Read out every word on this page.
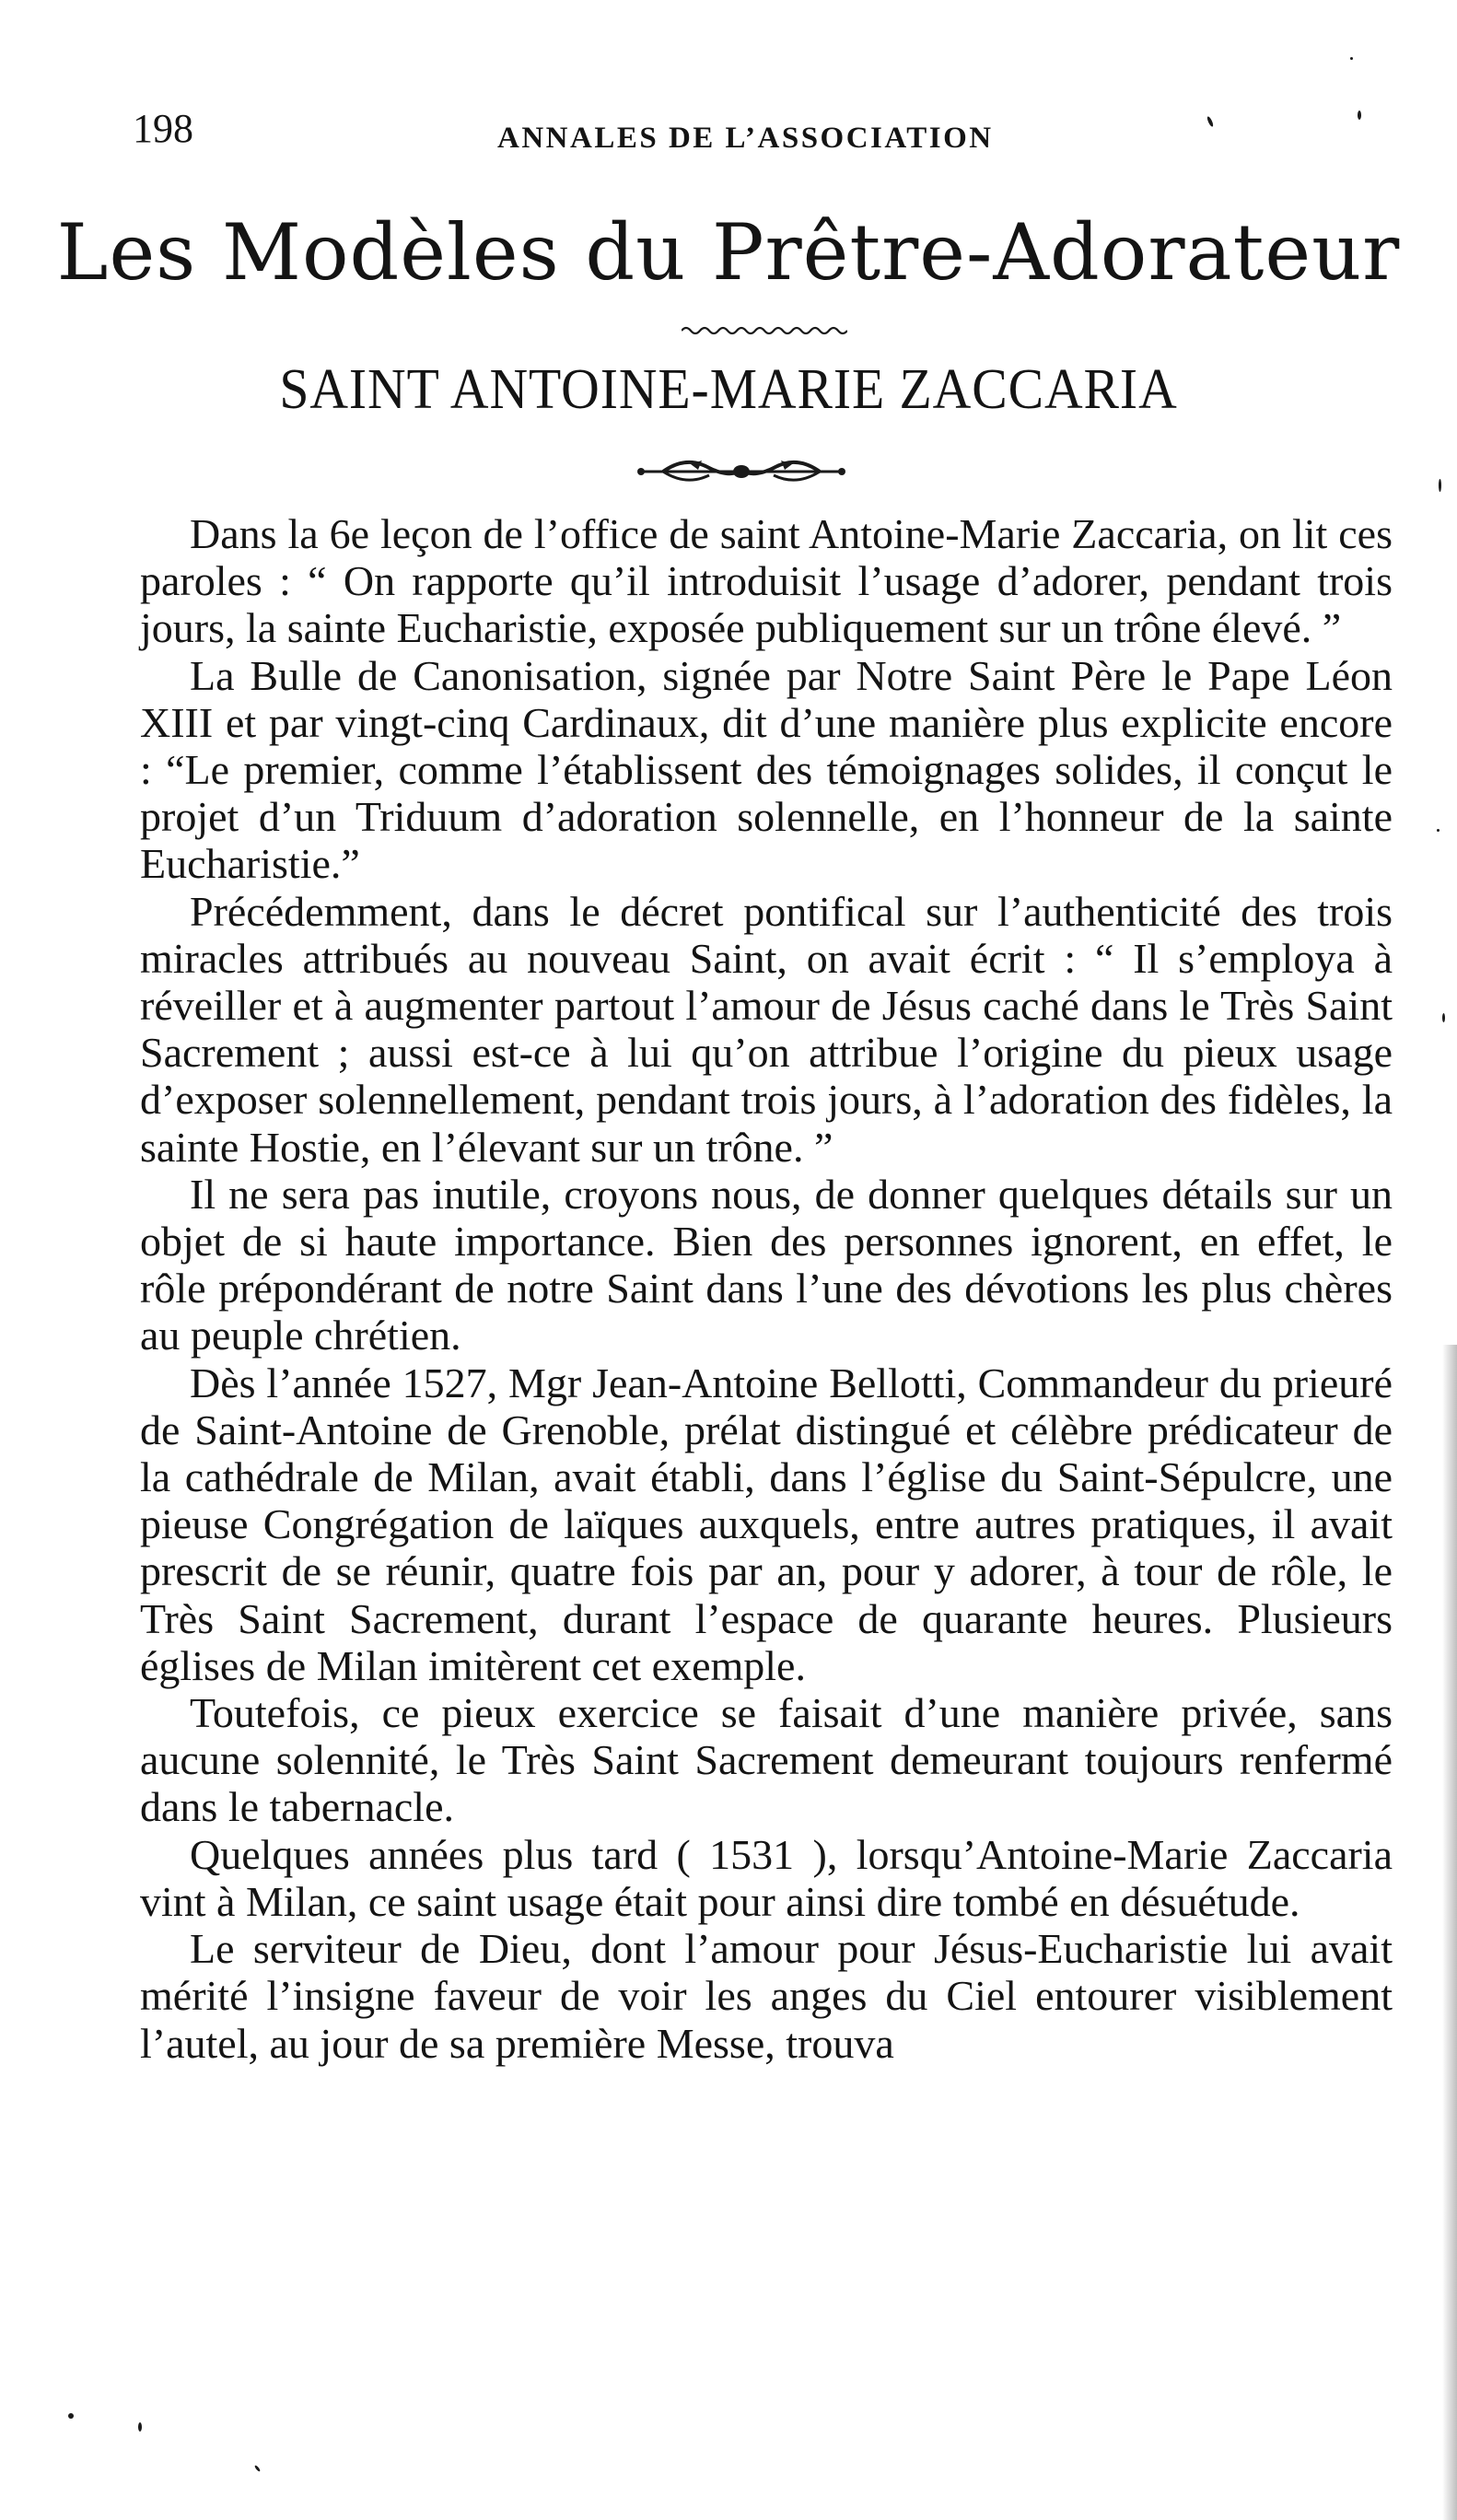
198	ANNALES DE L’ASSOCIATION
Les Modèles du Prêtre-Adorateur
SAINT ANTOINE-MARIE ZACCARIA

Dans la 6e leçon de l’office de saint Antoine-Marie Zaccaria, on lit ces paroles : “ On rapporte qu’il introduisit l’usage d’adorer, pendant trois jours, la sainte Eucharistie, exposée publiquement sur un trône élevé. ”

La Bulle de Canonisation, signée par Notre Saint Père le Pape Léon XIII et par vingt-cinq Cardinaux, dit d’une manière plus explicite encore : “Le premier, comme l’établissent des témoignages solides, il conçut le projet d’un Triduum d’adoration solennelle, en l’honneur de la sainte Eucharistie.”

Précédemment, dans le décret pontifical sur l’authenticité des trois miracles attribués au nouveau Saint, on avait écrit : “ Il s’employa à réveiller et à augmenter partout l’amour de Jésus caché dans le Très Saint Sacrement ; aussi est-ce à lui qu’on attribue l’origine du pieux usage d’exposer solennellement, pendant trois jours, à l’adoration des fidèles, la sainte Hostie, en l’élevant sur un trône. ”

Il ne sera pas inutile, croyons nous, de donner quelques détails sur un objet de si haute importance. Bien des personnes ignorent, en effet, le rôle prépondérant de notre Saint dans l’une des dévotions les plus chères au peuple chrétien.

Dès l’année 1527, Mgr Jean-Antoine Bellotti, Commandeur du prieuré de Saint-Antoine de Grenoble, prélat distingué et célèbre prédicateur de la cathédrale de Milan, avait établi, dans l’église du Saint-Sépulcre, une pieuse Congrégation de laïques auxquels, entre autres pratiques, il avait prescrit de se réunir, quatre fois par an, pour y adorer, à tour de rôle, le Très Saint Sacrement, durant l’espace de quarante heures. Plusieurs églises de Milan imitèrent cet exemple.

Toutefois, ce pieux exercice se faisait d’une manière privée, sans aucune solennité, le Très Saint Sacrement demeurant toujours renfermé dans le tabernacle.

Quelques années plus tard ( 1531 ), lorsqu’Antoine-Marie Zaccaria vint à Milan, ce saint usage était pour ainsi dire tombé en désuétude.

Le serviteur de Dieu, dont l’amour pour Jésus-Eucharistie lui avait mérité l’insigne faveur de voir les anges du Ciel entourer visiblement l’autel, au jour de sa première Messe, trouva
